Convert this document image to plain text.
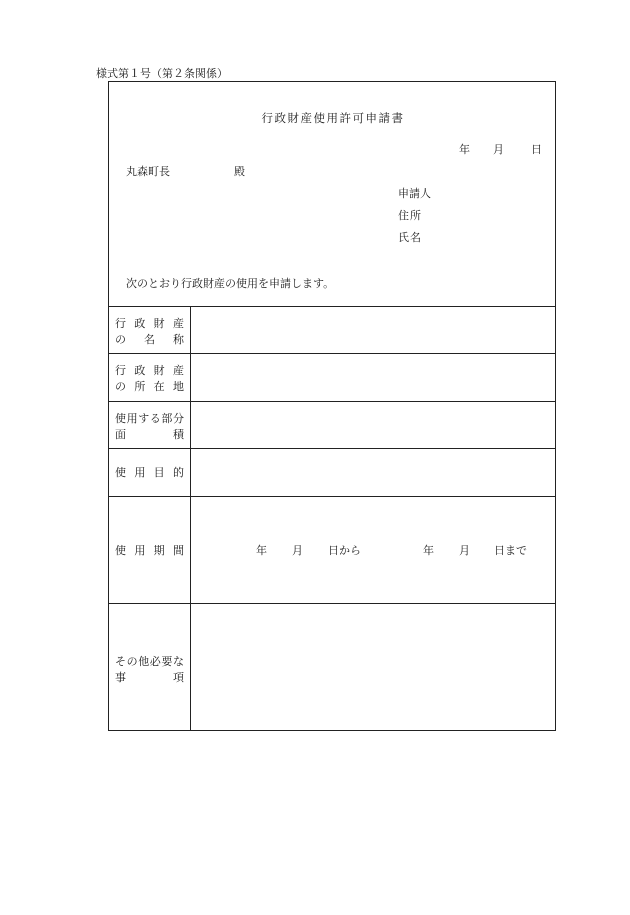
様式第１号（第２条関係）
行政財産使用許可申請書
年 月 日
丸森町長	殿
申請人
住所
氏名
次のとおり行政財産の使用を申請します。
行政財産
の名称
行政財産
の所在地
使用する部分
面積
使用目的
使用期間	年 月 日から	年 月 日まで
その他必要な
事項
